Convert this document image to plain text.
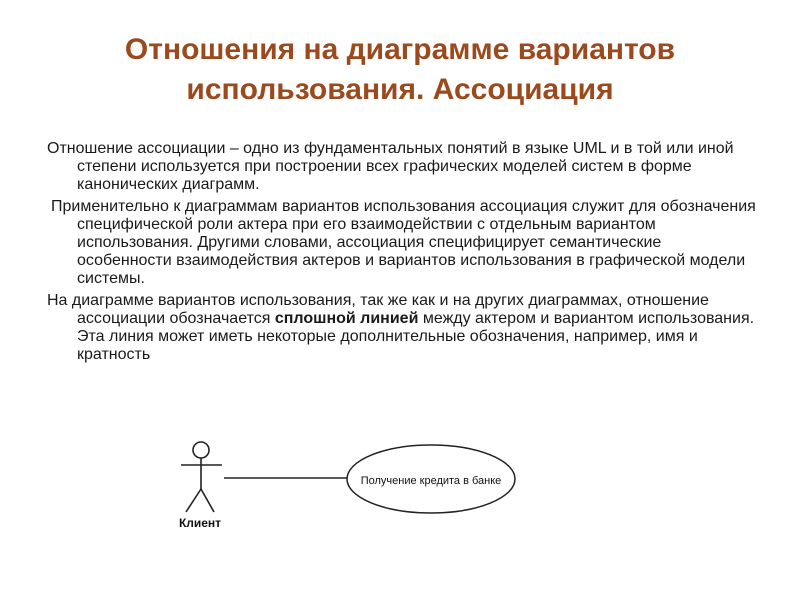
Отношения на диаграмме вариантов
использования. Ассоциация

Отношение ассоциации – одно из фундаментальных понятий в языке UML и в той или иной степени используется при построении всех графических моделей систем в форме канонических диаграмм.

Применительно к диаграммам вариантов использования ассоциация служит для обозначения специфической роли актера при его взаимодействии с отдельным вариантом использования. Другими словами, ассоциация специфицирует семантические особенности взаимодействия актеров и вариантов использования в графической модели системы.

На диаграмме вариантов использования, так же как и на других диаграммах, отношение ассоциации обозначается сплошной линией между актером и вариантом использования. Эта линия может иметь некоторые дополнительные обозначения, например, имя и кратность

Клиент
Получение кредита в банке
